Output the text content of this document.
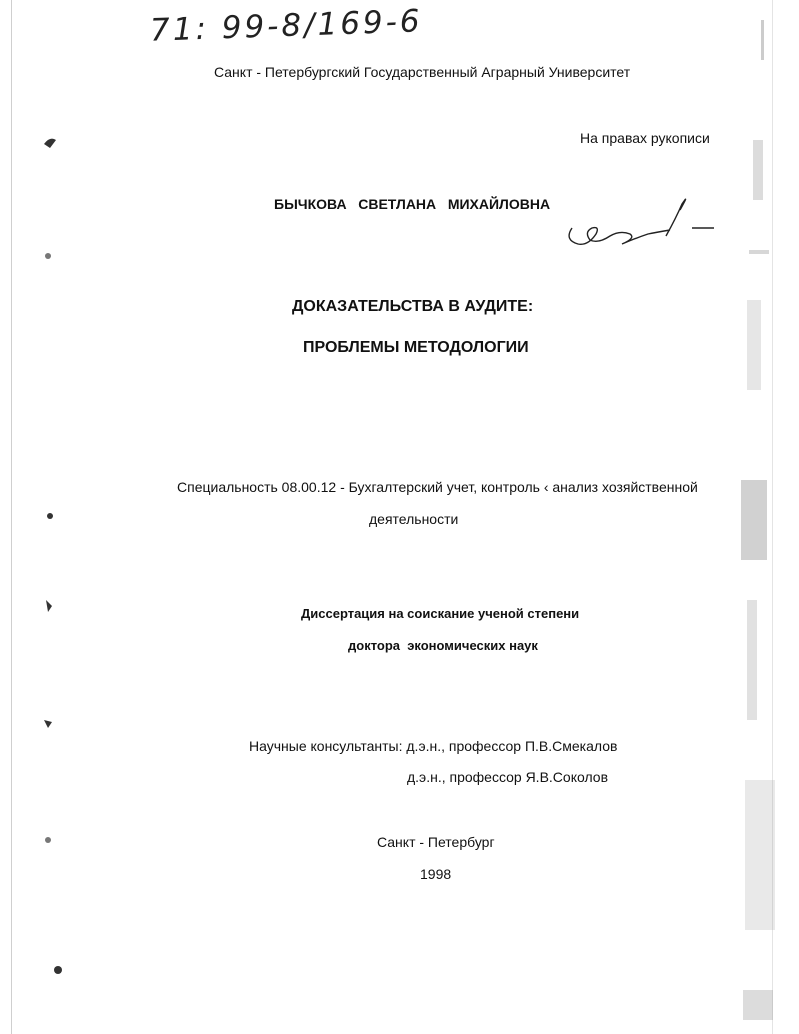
71: 99-8/169-6
Санкт - Петербургский Государственный Аграрный Университет
На правах рукописи
БЫЧКОВА   СВЕТЛАНА   МИХАЙЛОВНА
ДОКАЗАТЕЛЬСТВА В АУДИТЕ:
ПРОБЛЕМЫ МЕТОДОЛОГИИ
Специальность 08.00.12 - Бухгалтерский учет, контроль ‹ анализ хозяйственной
деятельности
Диссертация на соискание ученой степени
доктора  экономических наук
Научные консультанты: д.э.н., профессор П.В.Смекалов
д.э.н., профессор Я.В.Соколов
Санкт - Петербург
1998
